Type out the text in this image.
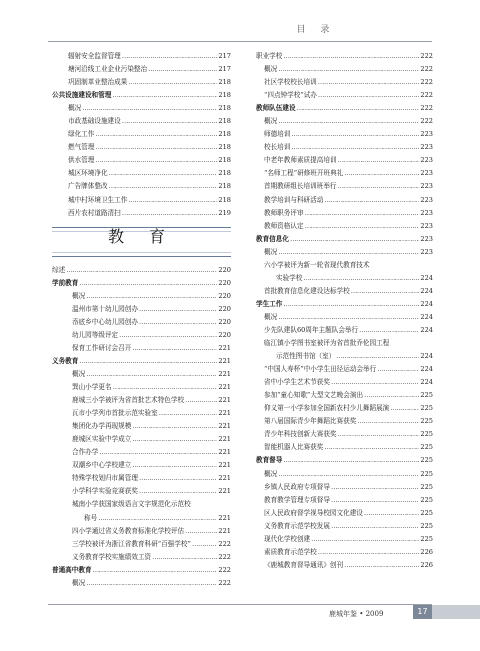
目 录
辐射安全监督管理 ……………………………………………………………………………………………………	217
塘河沿线工业企业污染整治 ……………………………………………………………………………………………………	217
巩固制革业整治成果 ……………………………………………………………………………………………………	218
公共设施建设和管理 ……………………………………………………………………………………………………	218
概况 ……………………………………………………………………………………………………	218
市政基础设施建设 ……………………………………………………………………………………………………	218
绿化工作 ……………………………………………………………………………………………………	218
燃气管理 ……………………………………………………………………………………………………	218
供水管理 ……………………………………………………………………………………………………	218
城区环境净化 ……………………………………………………………………………………………………	218
广告牌体整改 ……………………………………………………………………………………………………	218
城中村环境卫生工作 ……………………………………………………………………………………………………	218
西片农村道路清扫 ……………………………………………………………………………………………………	219
教 育
综述 ……………………………………………………………………………………………………	220
学前教育 ……………………………………………………………………………………………………	220
概况 ……………………………………………………………………………………………………	220
温州市第十幼儿园创办 ……………………………………………………………………………………………………	220
岙底乡中心幼儿园创办 ……………………………………………………………………………………………………	220
幼儿园等级评定 ……………………………………………………………………………………………………	220
保育工作研讨会召开 ……………………………………………………………………………………………………	221
义务教育 ……………………………………………………………………………………………………	221
概况 ……………………………………………………………………………………………………	221
巽山小学更名 ……………………………………………………………………………………………………	221
鹿城三小学被评为省首批艺术特色学校 ……………………………………………………………………………………………………	221
瓦市小学列市首批示范实验室 ……………………………………………………………………………………………………	221
集团化办学再现规模 ……………………………………………………………………………………………………	221
鹿城区实验中学成立 ……………………………………………………………………………………………………	221
合作办学 ……………………………………………………………………………………………………	221
双潮乡中心学校建立 ……………………………………………………………………………………………………	221
特殊学校划归市属管理 ……………………………………………………………………………………………………	221
小学科学实验竞赛获奖 ……………………………………………………………………………………………………	221
城南小学获国家级语言文字规范化示范校
称号 ……………………………………………………………………………………………………	221
四小学通过省义务教育标准化学校评估 ……………………………………………………………………………………………………	221
三学校被评为浙江省教育科研“百强学校” ……………………………………………………………………………………………………	222
义务教育学校实施绩效工资 ……………………………………………………………………………………………………	222
普通高中教育 ……………………………………………………………………………………………………	222
概况 ……………………………………………………………………………………………………	222
职业学校 ……………………………………………………………………………………………………	222
概况 ……………………………………………………………………………………………………	222
社区学校校长培训 ……………………………………………………………………………………………………	222
“四点钟学校”试办 ……………………………………………………………………………………………………	222
教师队伍建设 ……………………………………………………………………………………………………	222
概况 ……………………………………………………………………………………………………	222
师德培训 ……………………………………………………………………………………………………	223
校长培训 ……………………………………………………………………………………………………	223
中老年教师素质提高培训 ……………………………………………………………………………………………………	223
“名师工程”研修班开班典礼 ……………………………………………………………………………………………………	223
首期教研组长培训班举行 ……………………………………………………………………………………………………	223
教学培训与科研活动 ……………………………………………………………………………………………………	223
教师职务评审 ……………………………………………………………………………………………………	223
教师资格认定 ……………………………………………………………………………………………………	223
教育信息化 ……………………………………………………………………………………………………	223
概况 ……………………………………………………………………………………………………	223
六小学被评为新一轮省现代教育技术
实验学校 ……………………………………………………………………………………………………	224
首批教育信息化建设达标学校 ……………………………………………………………………………………………………	224
学生工作 ……………………………………………………………………………………………………	224
概况 ……………………………………………………………………………………………………	224
少先队建队60周年主题队会举行 ……………………………………………………………………………………………………	224
临江镇小学图书室被评为省首批乔伦园工程
示范性图书馆（室） ……………………………………………………………………………………………………	224
“中国人寿杯”中小学生田径运动会举行 ……………………………………………………………………………………………………	224
省中小学生艺术节获奖 ……………………………………………………………………………………………………	224
参加“童心知歌”大型文艺晚会演出 ……………………………………………………………………………………………………	225
仰义第一小学参加全国新农村少儿舞蹈展演 ……………………………………………………………………………………………………	225
第八届国际青少年舞蹈比赛获奖 ……………………………………………………………………………………………………	225
青少年科技创新大赛获奖 ……………………………………………………………………………………………………	225
智能机器人比赛获奖 ……………………………………………………………………………………………………	225
教育督导 ……………………………………………………………………………………………………	225
概况 ……………………………………………………………………………………………………	225
乡镇人民政府专项督导 ……………………………………………………………………………………………………	225
教育教学管理专项督导 ……………………………………………………………………………………………………	225
区人民政府督学视导校园文化建设 ……………………………………………………………………………………………………	225
义务教育示范学校发展 ……………………………………………………………………………………………………	225
现代化学校创建 ……………………………………………………………………………………………………	225
素质教育示范学校 ……………………………………………………………………………………………………	226
《鹿城教育督导通讯》创刊 ……………………………………………………………………………………………………	226
鹿城年鉴 • 2009	17
